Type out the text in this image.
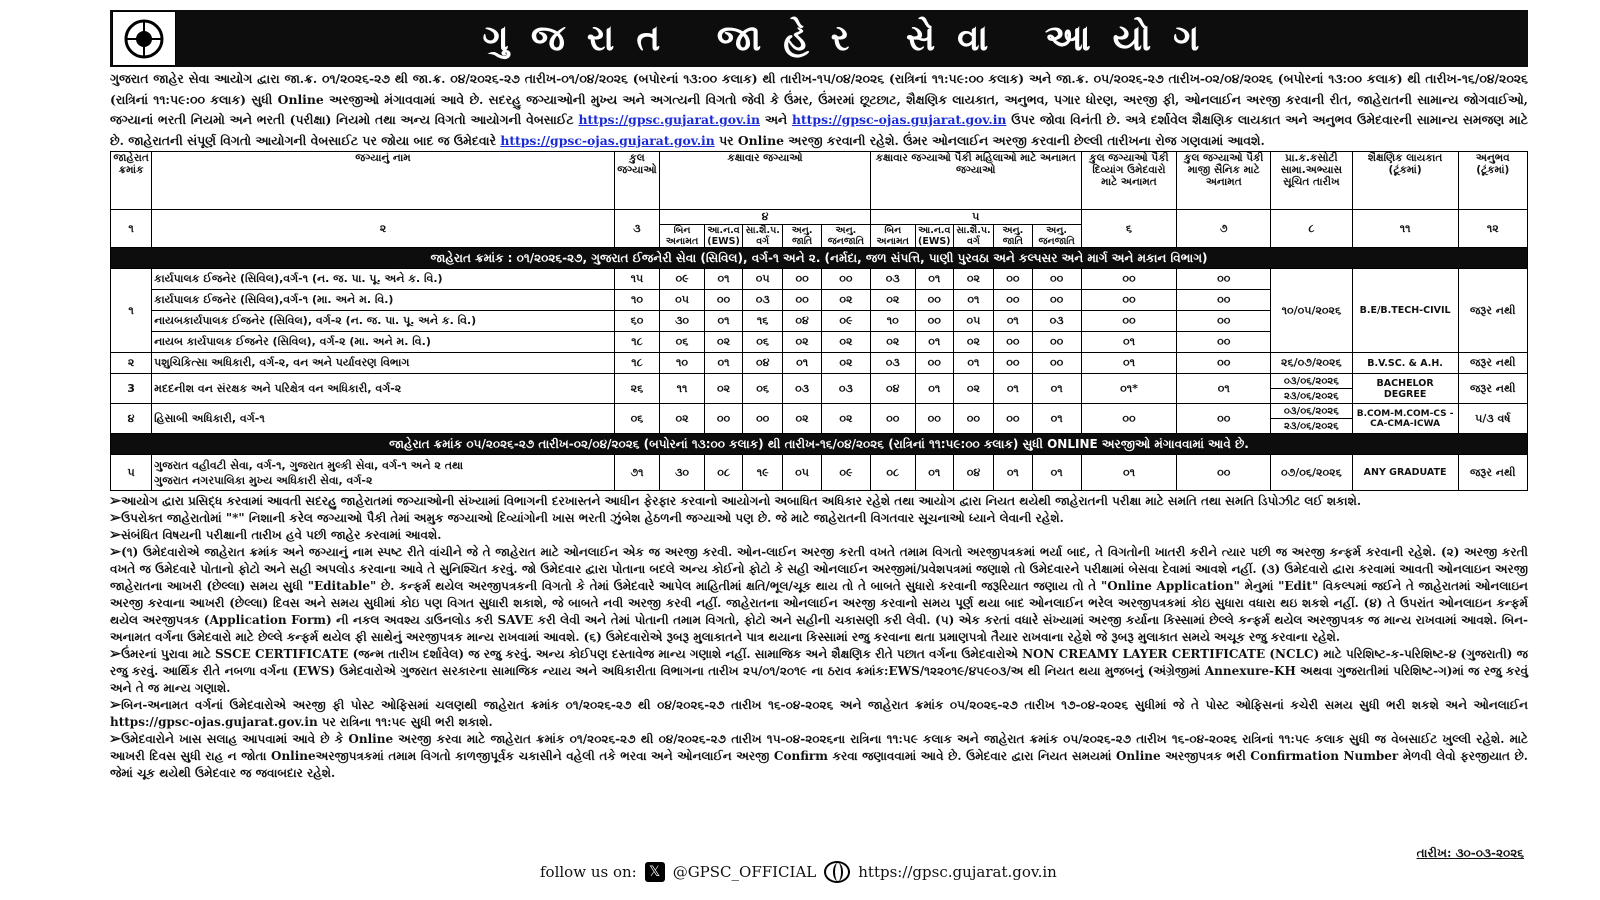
ગુજરાત જાહેર સેવા આયોગ
ગુજરાત જાહેર સેવા આયોગ દ્વારા જા.ક્ર. ૦૧/૨૦૨૬-૨૭ થી જા.ક્ર. ૦૪/૨૦૨૬-૨૭ તારીખ-૦૧/૦૪/૨૦૨૬ (બપોરનાં ૧૩:૦૦ કલાક) થી તારીખ-૧૫/૦૪/૨૦૨૬ (રાત્રિનાં ૧૧:૫૯:૦૦ કલાક) અને જા.ક્ર. ૦૫/૨૦૨૬-૨૭ તારીખ-૦૨/૦૪/૨૦૨૬ (બપોરનાં ૧૩:૦૦ કલાક) થી તારીખ-૧૬/૦૪/૨૦૨૬ (રાત્રિનાં ૧૧:૫૯:૦૦ કલાક) સુધી Online અરજીઓ મંગાવવામાં આવે છે. સદરહુ જગ્યાઓની મુખ્ય અને અગત્યની વિગતો જેવી કે ઉંમર, ઉંમરમાં છૂટછાટ, શૈક્ષણિક લાયકાત, અનુભવ, પગાર ધોરણ, અરજી ફી, ઓનલાઈન અરજી કરવાની રીત, જાહેરાતની સામાન્ય જોગવાઈઓ, જગ્યાનાં ભરતી નિયમો અને ભરતી (પરીક્ષા) નિયમો તથા અન્ય વિગતો આયોગની વેબસાઈટ https://gpsc.gujarat.gov.in અને https://gpsc-ojas.gujarat.gov.in ઉપર જોવા વિનંતી છે. અત્રે દર્શાવેલ શૈક્ષણિક લાયકાત અને અનુભવ ઉમેદવારની સામાન્ય સમજણ માટે છે. જાહેરાતની સંપૂર્ણ વિગતો આયોગની વેબસાઈટ પર જોયા બાદ જ ઉમેદવારે https://gpsc-ojas.gujarat.gov.in પર Online અરજી કરવાની રહેશે. ઉંમર ઓનલાઈન અરજી કરવાની છેલ્લી તારીખના રોજ ગણવામાં આવશે.
જાહેરાત ક્રમાંક	જગ્યાનું નામ	કુલ જગ્યાઓ	કક્ષાવાર જગ્યાઓ					કક્ષાવાર જગ્યાઓ પૈકી મહિલાઓ માટે અનામત જગ્યાઓ					કુલ જગ્યાઓ પૈકી દિવ્યાંગ ઉમેદવારો માટે અનામત	કુલ જગ્યાઓ પૈકી માજી સૈનિક માટે અનામત	પ્રા.ક.કસોટી સામા.અભ્યાસ સૂચિત તારીખ	શૈક્ષણિક લાયકાત (ટૂંકમાં)	અનુભવ (ટૂંકમાં)
૧	૨	૩	૪					૫					૬	૭	૮	૧૧	૧૨
			બિન અનામત	આ.ન.વ (EWS)	સા.શૈ.પ. વર્ગ	અનુ. જાતિ	અનુ. જનજાતિ	બિન અનામત	આ.ન.વ (EWS)	સા.શૈ.પ. વર્ગ	અનુ. જાતિ	અનુ. જનજાતિ					
જાહેરાત ક્રમાંક : ૦૧/૨૦૨૬-૨૭, ગુજરાત ઈજનેરી સેવા (સિવિલ), વર્ગ-૧ અને ૨. (નર્મદા, જળ સંપત્તિ, પાણી પુરવઠા અને કલ્પસર અને માર્ગ અને મકાન વિભાગ)																	
૧	કાર્યપાલક ઈજનેર (સિવિલ),વર્ગ-૧ (ન. જ. પા. પૂ. અને ક. વિ.)	૧૫	૦૯	૦૧	૦૫	૦૦	૦૦	૦૩	૦૧	૦૨	૦૦	૦૦	૦૦	૦૦	૧૦/૦૫/૨૦૨૬	B.E/B.TECH-CIVIL	જરૂર નથી
	કાર્યપાલક ઈજનેર (સિવિલ),વર્ગ-૧ (મા. અને મ. વિ.)	૧૦	૦૫	૦૦	૦૩	૦૦	૦૨	૦૨	૦૦	૦૧	૦૦	૦૦	૦૦	૦૦			
	નાયબકાર્યપાલક ઈજનેર (સિવિલ), વર્ગ-૨ (ન. જ. પા. પૂ. અને ક. વિ.)	૬૦	૩૦	૦૧	૧૬	૦૪	૦૯	૧૦	૦૦	૦૫	૦૧	૦૩	૦૦	૦૦			
	નાયબ કાર્યપાલક ઈજનેર (સિવિલ), વર્ગ-૨ (મા. અને મ. વિ.)	૧૮	૦૬	૦૨	૦૬	૦૨	૦૨	૦૨	૦૧	૦૨	૦૦	૦૦	૦૧	૦૦			
૨	પશુચિકિત્સા અધિકારી, વર્ગ-૨, વન અને પર્યાવરણ વિભાગ	૧૮	૧૦	૦૧	૦૪	૦૧	૦૨	૦૩	૦૦	૦૧	૦૦	૦૦	૦૧	૦૦	૨૬/૦૭/૨૦૨૬	B.V.SC. & A.H.	જરૂર નથી
3	મદદનીશ વન સંરક્ષક અને પરિક્ષેત્ર વન અધિકારી, વર્ગ-૨	૨૬	૧૧	૦૨	૦૬	૦૩	૦૩	૦૪	૦૧	૦૨	૦૧	૦૧	૦૧*	૦૧	૦૩/૦૬/૨૦૨૬	BACHELOR DEGREE	જરૂર નથી
															૨૩/૦૬/૨૦૨૬		
૪	હિસાબી અધિકારી, વર્ગ-૧	૦૬	૦૨	૦૦	૦૦	૦૨	૦૨	૦૦	૦૦	૦૦	૦૦	૦૧	૦૦	૦૦	૦૩/૦૬/૨૦૨૬	B.COM-M.COM-CS -CA-CMA-ICWA	૫/૩ વર્ષ
															૨૩/૦૬/૨૦૨૬		
જાહેરાત ક્રમાંક ૦૫/૨૦૨૬-૨૭ તારીખ-૦૨/૦૪/૨૦૨૬ (બપોરનાં ૧૩:૦૦ કલાક) થી તારીખ-૧૬/૦૪/૨૦૨૬ (રાત્રિનાં ૧૧:૫૯:૦૦ કલાક) સુધી ONLINE અરજીઓ મંગાવવામાં આવે છે.																	
૫	ગુજરાત વહીવટી સેવા, વર્ગ-૧, ગુજરાત મુલ્કી સેવા, વર્ગ-૧ અને ૨ તથા
ગુજરાત નગરપાલિકા મુખ્ય અધિકારી સેવા, વર્ગ-૨	૭૧	૩૦	૦૮	૧૯	૦૫	૦૯	૦૮	૦૧	૦૪	૦૧	૦૧	૦૧	૦૦	૦૭/૦૬/૨૦૨૬	ANY GRADUATE	જરૂર નથી

➢આયોગ દ્વારા પ્રસિદ્ધ કરવામાં આવતી સદરહુ જાહેરાતમાં જગ્યાઓની સંખ્યામાં વિભાગની દરખાસ્તને આધીન ફેરફાર કરવાનો આયોગનો અબાધિત અધિકાર રહેશે તથા આયોગ દ્વારા નિયત થયેથી જાહેરાતની પરીક્ષા માટે સમતિ તથા સમતિ ડિપોઝીટ લઈ શકાશે.

➢ઉપરોક્ત જાહેરાતોમાં "*" નિશાની કરેલ જગ્યાઓ પૈકી તેમાં અમુક જગ્યાઓ દિવ્યાંગોની ખાસ ભરતી ઝુંબેશ હેઠળની જગ્યાઓ પણ છે. જે માટે જાહેરાતની વિગતવાર સૂચનાઓ ધ્યાને લેવાની રહેશે.

➢સંબંધિત વિષયની પરીક્ષાની તારીખ હવે પછી જાહેર કરવામાં આવશે.

➢(૧) ઉમેદવારોએ જાહેરાત ક્રમાંક અને જગ્યાનું નામ સ્પષ્ટ રીતે વાંચીને જે તે જાહેરાત માટે ઓનલાઈન એક જ અરજી કરવી. ઓન-લાઈન અરજી કરતી વખતે તમામ વિગતો અરજીપત્રકમાં ભર્યા બાદ, તે વિગતોની ખાતરી કરીને ત્યાર પછી જ અરજી કન્ફર્મ કરવાની રહેશે. (૨) અરજી કરતી વખતે જ ઉમેદવારે પોતાનો ફોટો અને સહી અપલોડ કરવાના આવે તે સુનિશ્ચિત કરવું. જો ઉમેદવાર દ્વારા પોતાના બદલે અન્ય કોઈનો ફોટો કે સહી ઓનલાઈન અરજીમાં/પ્રવેશપત્રમાં જણાશે તો ઉમેદવારને પરીક્ષામાં બેસવા દેવામાં આવશે નહીં. (૩) ઉમેદવારો દ્વારા કરવામાં આવતી ઓનલાઇન અરજી જાહેરાતના આખરી (છેલ્લા) સમય સુધી "Editable" છે. કન્ફર્મ થયેલ અરજીપત્રકની વિગતો કે તેમાં ઉમેદવારે આપેલ માહિતીમાં ક્ષતિ/ભૂલ/ચૂક થાય તો તે બાબતે સુધારો કરવાની જરૂરિયાત જણાય તો તે "Online Application" મેનુમાં "Edit" વિકલ્પમાં જઈને તે જાહેરાતમાં ઓનલાઇન અરજી કરવાના આખરી (છેલ્લા) દિવસ અને સમય સુધીમાં કોઇ પણ વિગત સુધારી શકાશે, જે બાબતે નવી અરજી કરવી નહીં. જાહેરાતના ઓનલાઈન અરજી કરવાનો સમય પૂર્ણ થયા બાદ ઓનલાઈન ભરેલ અરજીપત્રકમાં કોઇ સુધારા વધારા થઇ શકશે નહીં. (૪) તે ઉપરાંત ઓનલાઇન કન્ફર્મ થયેલ અરજીપત્રક (Application Form) ની નકલ અવશ્ય ડાઉનલોડ કરી SAVE કરી લેવી અને તેમાં પોતાની તમામ વિગતો, ફોટો અને સહીની ચકાસણી કરી લેવી. (૫) એક કરતાં વધારે સંખ્યામાં અરજી કર્યાના કિસ્સામાં છેલ્લે કન્ફર્મ થયેલ અરજીપત્રક જ માન્ય રાખવામાં આવશે. બિન-અનામત વર્ગના ઉમેદવારો માટે છેલ્લે કન્ફર્મ થયેલ ફી સાથેનું અરજીપત્રક માન્ય રાખવામાં આવશે. (૬) ઉમેદવારોએ રૂબરૂ મુલાકાતને પાત્ર થયાના કિસ્સામાં રજુ કરવાના થતા પ્રમાણપત્રો તૈયાર રાખવાના રહેશે જે રૂબરૂ મુલાકાત સમયે અચૂક રજુ કરવાના રહેશે.

➢ઉંમરનાં પુરાવા માટે SSCE CERTIFICATE (જન્મ તારીખ દર્શાવેલ) જ રજુ કરવું. અન્ય કોઈપણ દસ્તાવેજ માન્ય ગણાશે નહીં. સામાજિક અને શૈક્ષણિક રીતે પછાત વર્ગના ઉમેદવારોએ NON CREAMY LAYER CERTIFICATE (NCLC) માટે પરિશિષ્ટ-ક-પરિશિષ્ટ-૪ (ગુજરાતી) જ રજુ કરવું. આર્થિક રીતે નબળા વર્ગના (EWS) ઉમેદવારોએ ગુજરાત સરકારના સામાજિક ન્યાય અને અધિકારીતા વિભાગના તારીખ ૨૫/૦૧/૨૦૧૯ ના ઠરાવ ક્રમાંક:EWS/૧૨૨૦૧૯/૪૫૯૦૩/અ થી નિયત થયા મુજબનું (અંગ્રેજીમાં Annexure-KH અથવા ગુજરાતીમાં પરિશિષ્ટ-ગ)માં જ રજુ કરવું અને તે જ માન્ય ગણાશે.

➢બિન-અનામત વર્ગનાં ઉમેદવારોએ અરજી ફી પોસ્ટ ઓફિસમાં ચલણથી જાહેરાત ક્રમાંક ૦૧/૨૦૨૬-૨૭ થી ૦૪/૨૦૨૬-૨૭ તારીખ ૧૬-૦૪-૨૦૨૬ અને જાહેરાત ક્રમાંક ૦૫/૨૦૨૬-૨૭ તારીખ ૧૭-૦૪-૨૦૨૬ સુધીમાં જે તે પોસ્ટ ઓફિસનાં કચેરી સમય સુધી ભરી શકશે અને ઓનલાઈન https://gpsc-ojas.gujarat.gov.in પર રાત્રિના ૧૧:૫૯ સુધી ભરી શકાશે.

➢ઉમેદવારોને ખાસ સલાહ આપવામાં આવે છે કે Online અરજી કરવા માટે જાહેરાત ક્રમાંક ૦૧/૨૦૨૬-૨૭ થી ૦૪/૨૦૨૬-૨૭ તારીખ ૧૫-૦૪-૨૦૨૬ના રાત્રિના ૧૧:૫૯ કલાક અને જાહેરાત ક્રમાંક ૦૫/૨૦૨૬-૨૭ તારીખ ૧૬-૦૪-૨૦૨૬ રાત્રિનાં ૧૧:૫૯ કલાક સુધી જ વેબસાઈટ ખુલ્લી રહેશે. માટે આખરી દિવસ સુધી રાહ ન જોતા Onlineઅરજીપત્રકમાં તમામ વિગતો કાળજીપૂર્વક ચકાસીને વહેલી તકે ભરવા અને ઓનલાઈન અરજી Confirm કરવા જણાવવામાં આવે છે. ઉમેદવાર દ્વારા નિયત સમયમાં Online અરજીપત્રક ભરી Confirmation Number મેળવી લેવો ફરજીયાત છે. જેમાં ચૂક થયેથી ઉમેદવાર જ જવાબદાર રહેશે.

તારીખ: ૩૦-૦૩-૨૦૨૬
follow us on: 𝕏 @GPSC_OFFICIAL	https://gpsc.gujarat.gov.in
